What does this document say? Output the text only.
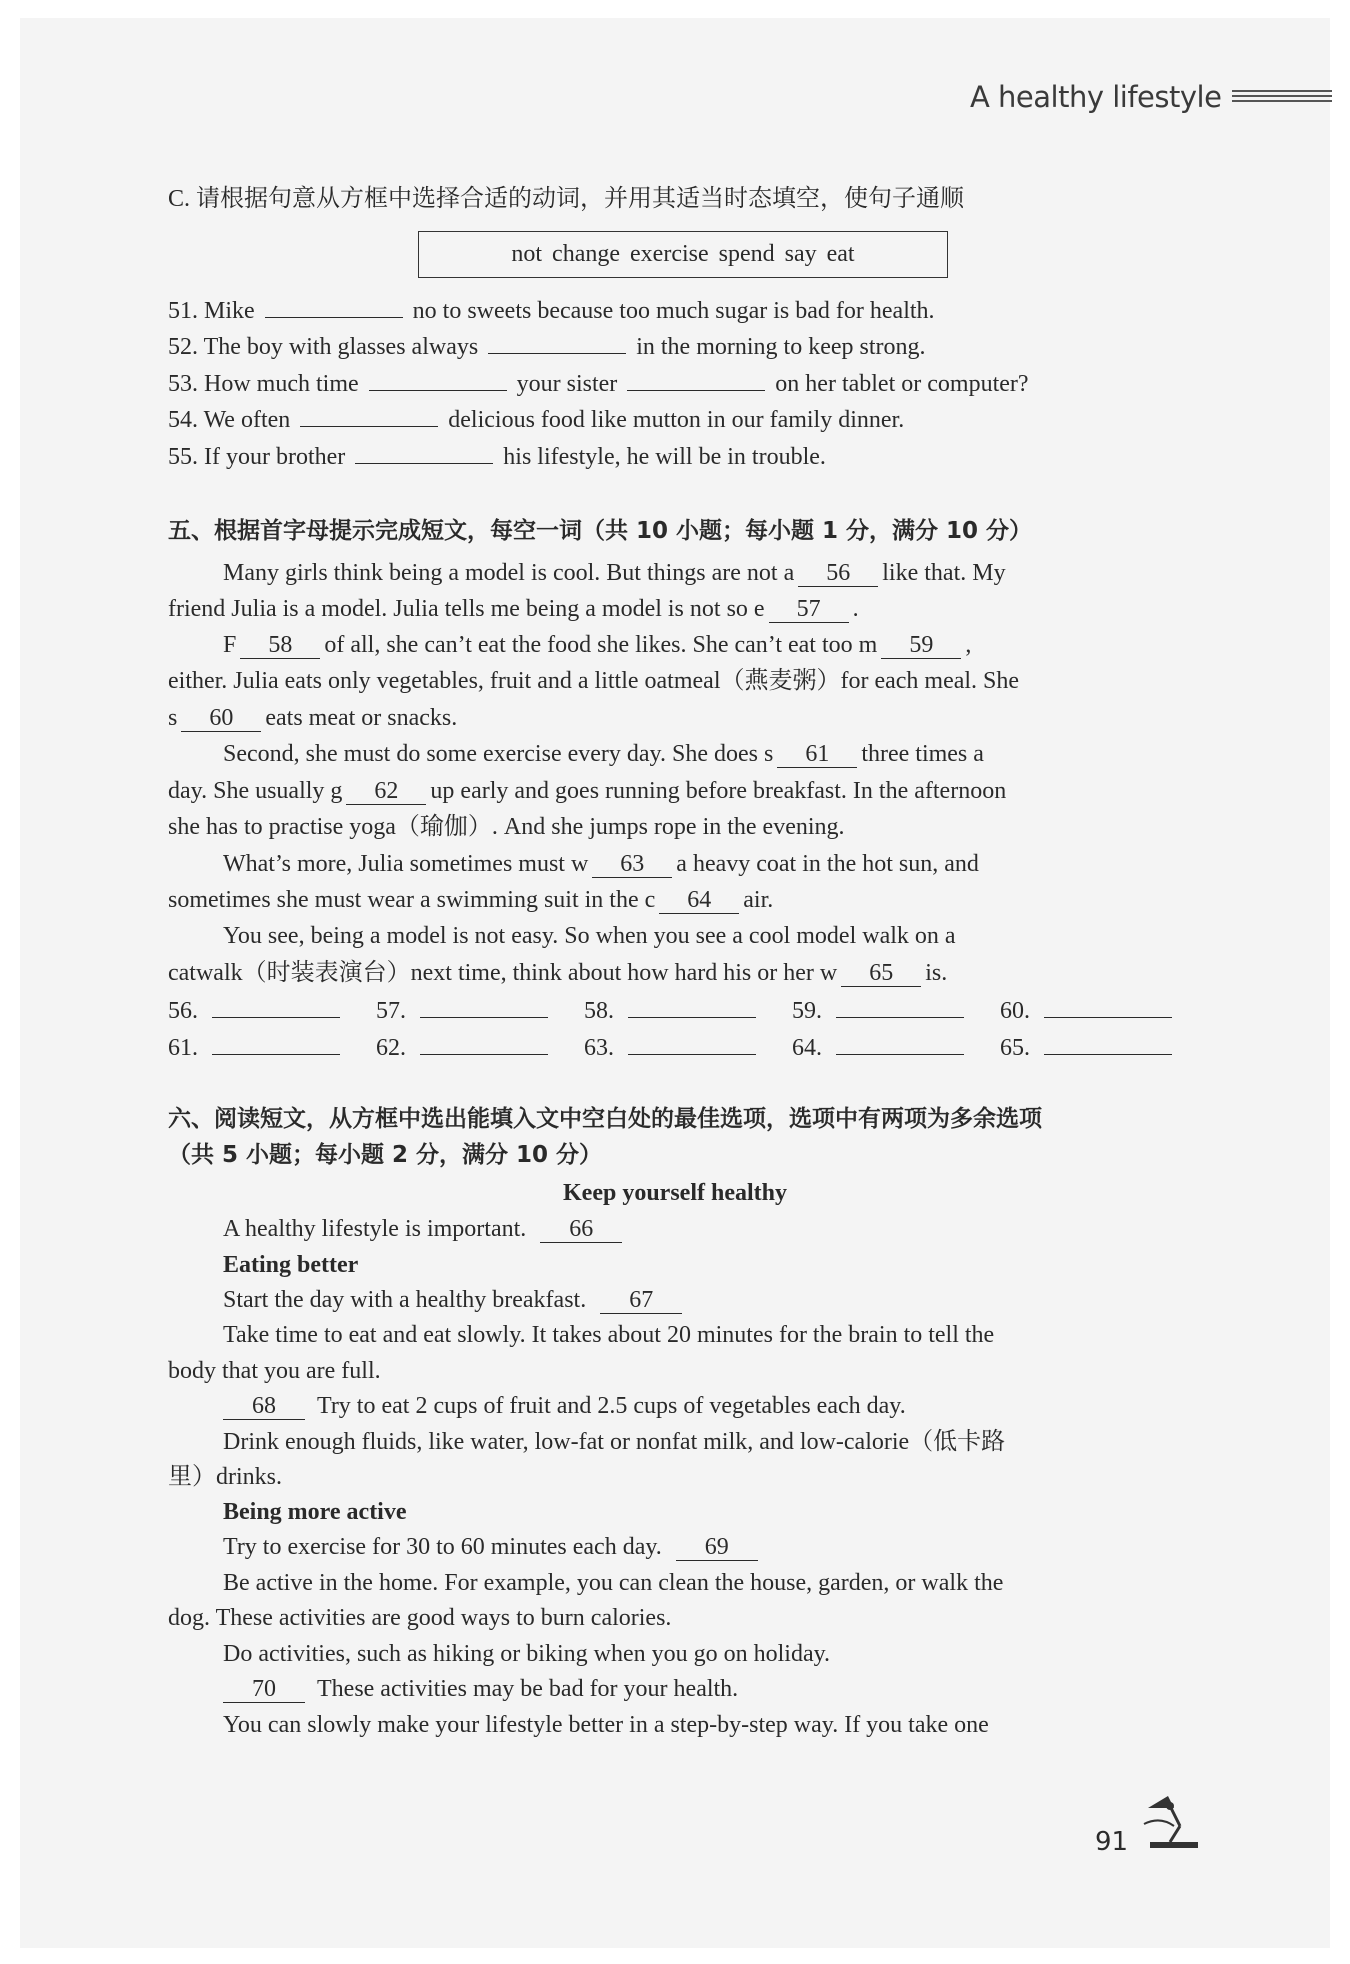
A healthy lifestyle
C. 请根据句意从方框中选择合适的动词，并用其适当时态填空，使句子通顺
not change exercise spend say eat
51. Mike	no to sweets because too much sugar is bad for health.
52. The boy with glasses always	in the morning to keep strong.
53. How much time	your sister	on her tablet or computer?
54. We often	delicious food like mutton in our family dinner.
55. If your brother	his lifestyle, he will be in trouble.
五、根据首字母提示完成短文，每空一词（共 10 小题；每小题 1 分，满分 10 分）
Many girls think being a model is cool. But things are not a 56 like that. My
friend Julia is a model. Julia tells me being a model is not so e 57 .
F 58 of all, she can’t eat the food she likes. She can’t eat too m 59 ,
either. Julia eats only vegetables, fruit and a little oatmeal（燕麦粥）for each meal. She
s 60 eats meat or snacks.
Second, she must do some exercise every day. She does s 61 three times a
day. She usually g 62 up early and goes running before breakfast. In the afternoon
she has to practise yoga（瑜伽）. And she jumps rope in the evening.
What’s more, Julia sometimes must w 63 a heavy coat in the hot sun, and
sometimes she must wear a swimming suit in the c 64 air.
You see, being a model is not easy. So when you see a cool model walk on a
catwalk（时装表演台）next time, think about how hard his or her w 65 is.
56.	57.	58.	59.	60.
61.	62.	63.	64.	65.
六、阅读短文，从方框中选出能填入文中空白处的最佳选项，选项中有两项为多余选项
（共 5 小题；每小题 2 分，满分 10 分）
Keep yourself healthy
A healthy lifestyle is important. 66
Eating better
Start the day with a healthy breakfast. 67
Take time to eat and eat slowly. It takes about 20 minutes for the brain to tell the
body that you are full.
68 Try to eat 2 cups of fruit and 2.5 cups of vegetables each day.
Drink enough fluids, like water, low-fat or nonfat milk, and low-calorie（低卡路
里）drinks.
Being more active
Try to exercise for 30 to 60 minutes each day. 69
Be active in the home. For example, you can clean the house, garden, or walk the
dog. These activities are good ways to burn calories.
Do activities, such as hiking or biking when you go on holiday.
70 These activities may be bad for your health.
You can slowly make your lifestyle better in a step-by-step way. If you take one
91
